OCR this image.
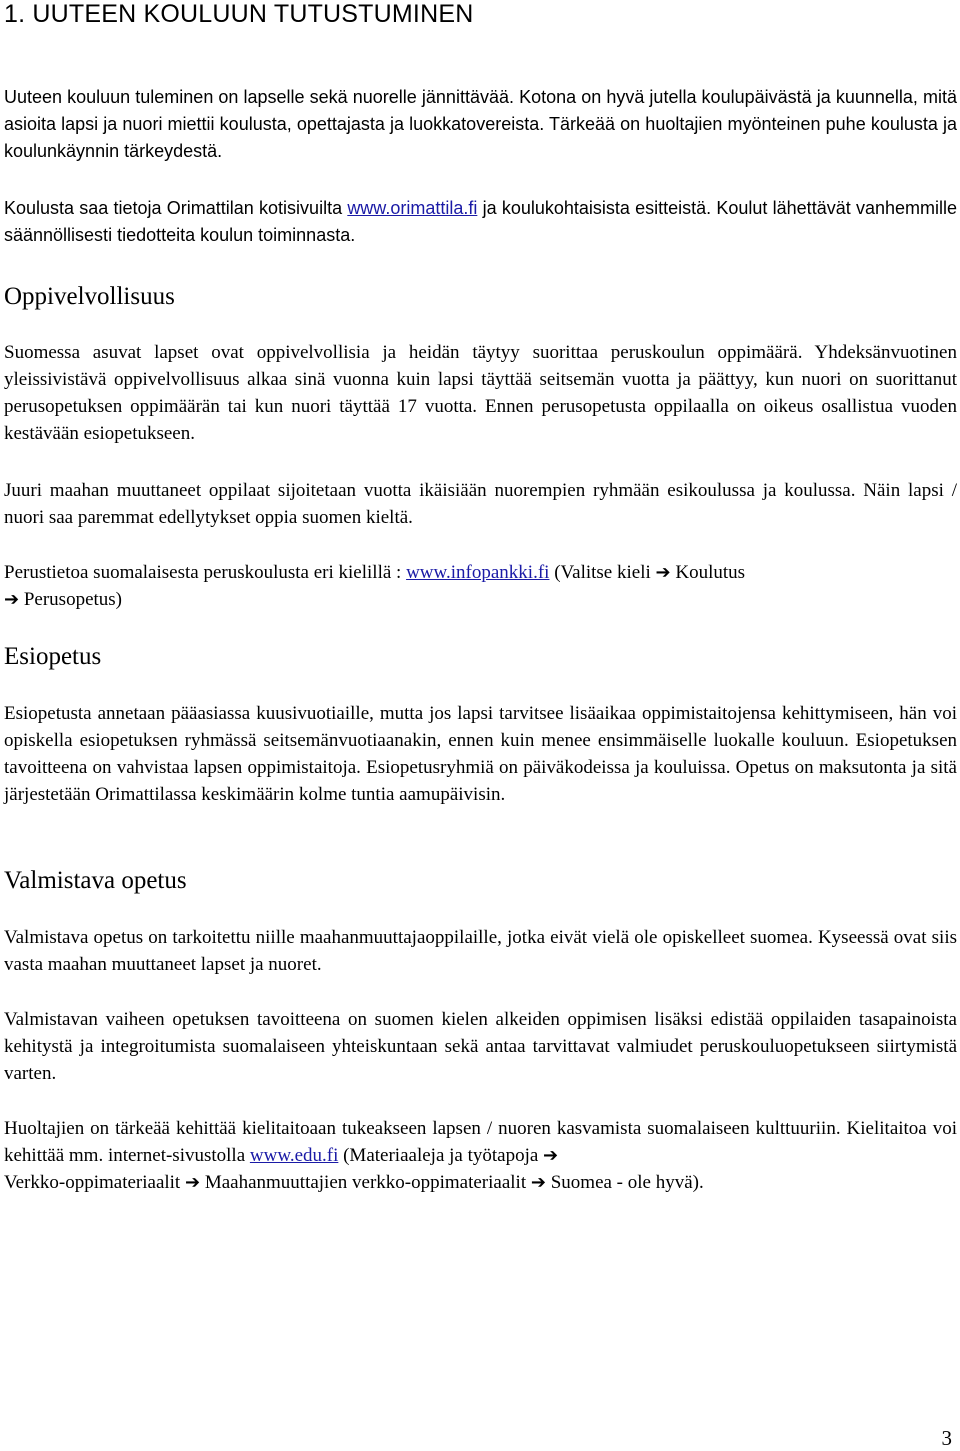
1. UUTEEN KOULUUN TUTUSTUMINEN

Uuteen kouluun tuleminen on lapselle sekä nuorelle jännittävää. Kotona on hyvä jutella koulupäivästä ja kuunnella, mitä asioita lapsi ja nuori miettii koulusta, opettajasta ja luokkatovereista. Tärkeää on huoltajien myönteinen puhe koulusta ja koulunkäynnin tärkeydestä.

Koulusta saa tietoja Orimattilan kotisivuilta www.orimattila.fi ja koulukohtaisista esitteistä. Koulut lähettävät vanhemmille säännöllisesti tiedotteita koulun toiminnasta.

Oppivelvollisuus

Suomessa asuvat lapset ovat oppivelvollisia ja heidän täytyy suorittaa peruskoulun oppimäärä. Yhdeksänvuotinen yleissivistävä oppivelvollisuus alkaa sinä vuonna kuin lapsi täyttää seitsemän vuotta ja päättyy, kun nuori on suorittanut perusopetuksen oppimäärän tai kun nuori täyttää 17 vuotta. Ennen perusopetusta oppilaalla on oikeus osallistua vuoden kestävään esiopetukseen.

Juuri maahan muuttaneet oppilaat sijoitetaan vuotta ikäisiään nuorempien ryhmään esikoulussa ja koulussa. Näin lapsi / nuori saa paremmat edellytykset oppia suomen kieltä.

Perustietoa suomalaisesta peruskoulusta eri kielillä : www.infopankki.fi (Valitse kieli ➔ Koulutus
➔ Perusopetus)

Esiopetus

Esiopetusta annetaan pääasiassa kuusivuotiaille, mutta jos lapsi tarvitsee lisäaikaa oppimistaitojensa kehittymiseen, hän voi opiskella esiopetuksen ryhmässä seitsemänvuotiaanakin, ennen kuin menee ensimmäiselle luokalle kouluun. Esiopetuksen tavoitteena on vahvistaa lapsen oppimistaitoja. Esiopetusryhmiä on päiväkodeissa ja kouluissa. Opetus on maksutonta ja sitä järjestetään Orimattilassa keskimäärin kolme tuntia aamupäivisin.

Valmistava opetus

Valmistava opetus on tarkoitettu niille maahanmuuttajaoppilaille, jotka eivät vielä ole opiskelleet suomea. Kyseessä ovat siis vasta maahan muuttaneet lapset ja nuoret.

Valmistavan vaiheen opetuksen tavoitteena on suomen kielen alkeiden oppimisen lisäksi edistää oppilaiden tasapainoista kehitystä ja integroitumista suomalaiseen yhteiskuntaan sekä antaa tarvittavat valmiudet peruskouluopetukseen siirtymistä varten.

Huoltajien on tärkeää kehittää kielitaitoaan tukeakseen lapsen / nuoren kasvamista suomalaiseen kulttuuriin. Kielitaitoa voi kehittää mm. internet-sivustolla www.edu.fi (Materiaaleja ja työtapoja ➔
Verkko-oppimateriaalit ➔ Maahanmuuttajien verkko-oppimateriaalit ➔ Suomea - ole hyvä).

3
